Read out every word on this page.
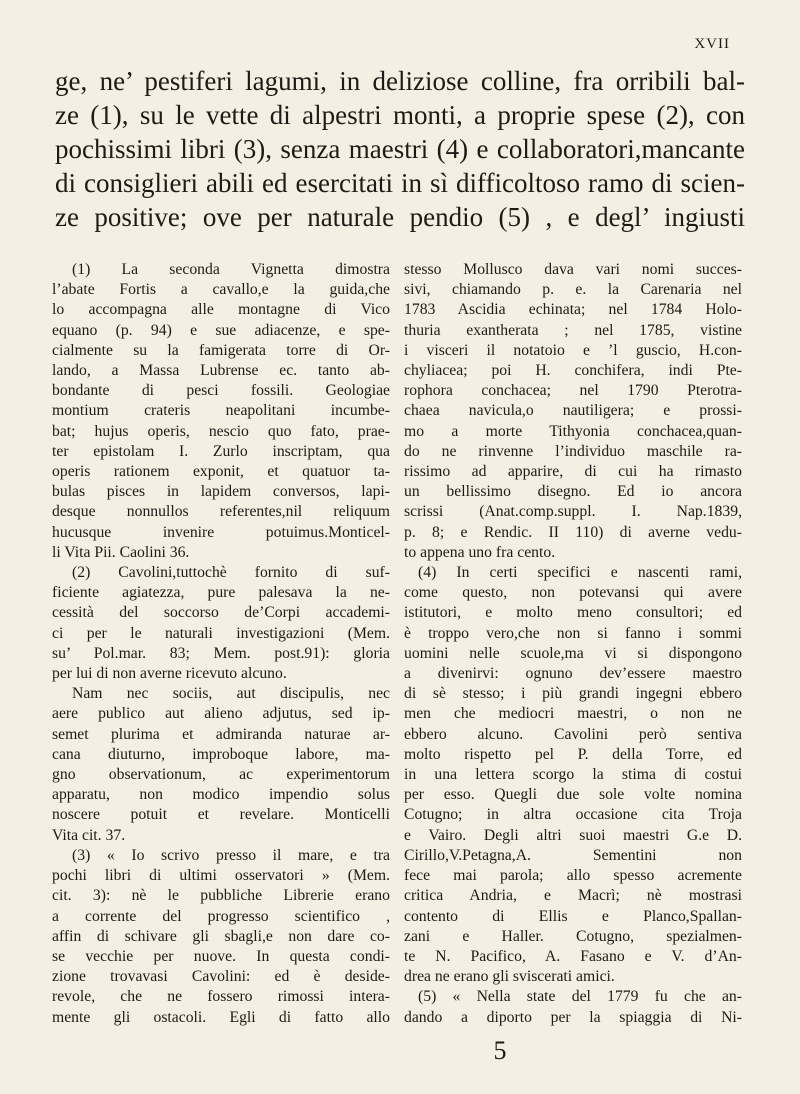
XVII
ge, ne’ pestiferi lagumi, in deliziose colline, fra orribili bal-
ze (1), su le vette di alpestri monti, a proprie spese (2), con
pochissimi libri (3), senza maestri (4) e collaboratori,mancante
di consiglieri abili ed esercitati in sì difficoltoso ramo di scien-
ze positive; ove per naturale pendio (5) , e degl’ ingiusti
(1) La seconda Vignetta dimostra
l’abate Fortis a cavallo,e la guida,che
lo accompagna alle montagne di Vico
equano (p. 94) e sue adiacenze, e spe-
cialmente su la famigerata torre di Or-
lando, a Massa Lubrense ec. tanto ab-
bondante di pesci fossili. Geologiae
montium crateris neapolitani incumbe-
bat; hujus operis, nescio quo fato, prae-
ter epistolam I. Zurlo inscriptam, qua
operis rationem exponit, et quatuor ta-
bulas pisces in lapidem conversos, lapi-
desque nonnullos referentes,nil reliquum
hucusque invenire potuimus.Monticel-
li Vita Pii. Caolini 36.
(2) Cavolini,tuttochè fornito di suf-
ficiente agiatezza, pure palesava la ne-
cessità del soccorso de’Corpi accademi-
ci per le naturali investigazioni (Mem.
su’ Pol.mar. 83; Mem. post.91): gloria
per lui di non averne ricevuto alcuno.
Nam nec sociis, aut discipulis, nec
aere publico aut alieno adjutus, sed ip-
semet plurima et admiranda naturae ar-
cana diuturno, improboque labore, ma-
gno observationum, ac experimentorum
apparatu, non modico impendio solus
noscere potuit et revelare. Monticelli
Vita cit. 37.
(3) « Io scrivo presso il mare, e tra
pochi libri di ultimi osservatori » (Mem.
cit. 3): nè le pubbliche Librerie erano
a corrente del progresso scientifico ,
affin di schivare gli sbagli,e non dare co-
se vecchie per nuove. In questa condi-
zione trovavasi Cavolini: ed è deside-
revole, che ne fossero rimossi intera-
mente gli ostacoli. Egli di fatto allo
stesso Mollusco dava vari nomi succes-
sivi, chiamando p. e. la Carenaria nel
1783 Ascidia echinata; nel 1784 Holo-
thuria exantherata ; nel 1785, vistine
i visceri il notatoio e ’l guscio, H.con-
chyliacea; poi H. conchifera, indi Pte-
rophora conchacea; nel 1790 Pterotra-
chaea navicula,o nautiligera; e prossi-
mo a morte Tithyonia conchacea,quan-
do ne rinvenne l’individuo maschile ra-
rissimo ad apparire, di cui ha rimasto
un bellissimo disegno. Ed io ancora
scrissi (Anat.comp.suppl. I. Nap.1839,
p. 8; e Rendic. II 110) di averne vedu-
to appena uno fra cento.
(4) In certi specifici e nascenti rami,
come questo, non potevansi qui avere
istitutori, e molto meno consultori; ed
è troppo vero,che non si fanno i sommi
uomini nelle scuole,ma vi si dispongono
a divenirvi: ognuno dev’essere maestro
di sè stesso; i più grandi ingegni ebbero
men che mediocri maestri, o non ne
ebbero alcuno. Cavolini però sentiva
molto rispetto pel P. della Torre, ed
in una lettera scorgo la stima di costui
per esso. Quegli due sole volte nomina
Cotugno; in altra occasione cita Troja
e Vairo. Degli altri suoi maestri G.e D.
Cirillo,V.Petagna,A. Sementini non
fece mai parola; allo spesso acremente
critica Andria, e Macrì; nè mostrasi
contento di Ellis e Planco,Spallan-
zani e Haller. Cotugno, spezialmen-
te N. Pacifico, A. Fasano e V. d’An-
drea ne erano gli sviscerati amici.
(5) « Nella state del 1779 fu che an-
dando a diporto per la spiaggia di Ni-
5
